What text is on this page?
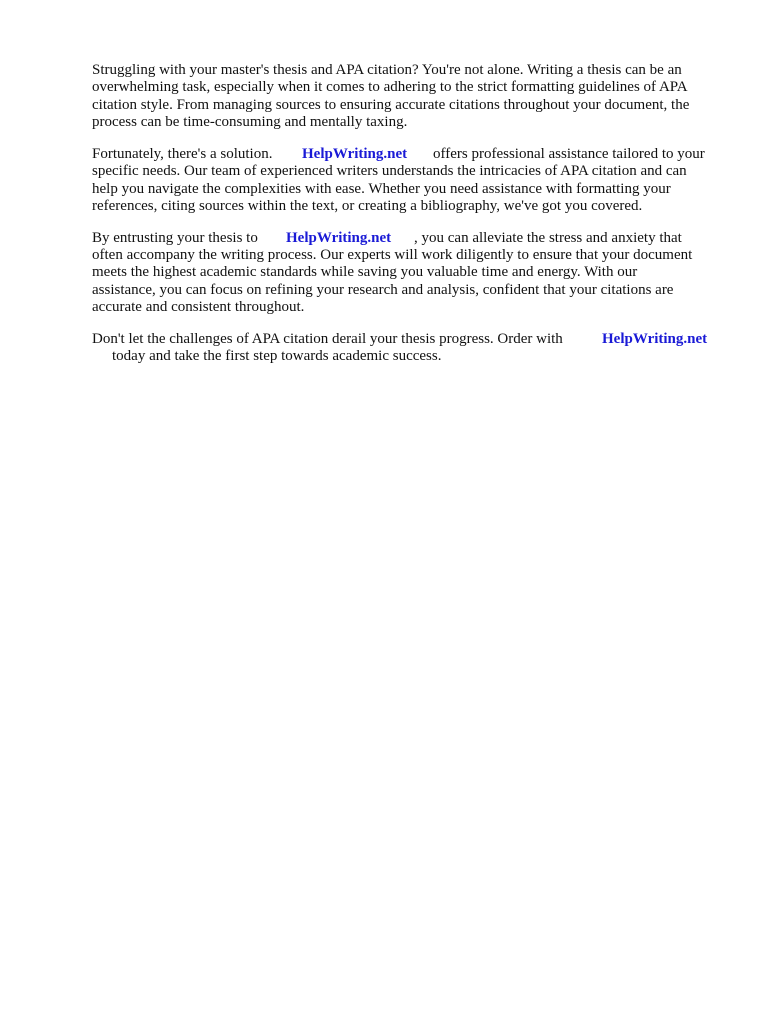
Struggling with your master's thesis and APA citation? You're not alone. Writing a thesis can be an

overwhelming task, especially when it comes to adhering to the strict formatting guidelines of APA

citation style. From managing sources to ensuring accurate citations throughout your document, the

process can be time-consuming and mentally taxing.

Fortunately, there's a solution. HelpWriting.net offers professional assistance tailored to your

specific needs. Our team of experienced writers understands the intricacies of APA citation and can

help you navigate the complexities with ease. Whether you need assistance with formatting your

references, citing sources within the text, or creating a bibliography, we've got you covered.

By entrusting your thesis to HelpWriting.net , you can alleviate the stress and anxiety that

often accompany the writing process. Our experts will work diligently to ensure that your document

meets the highest academic standards while saving you valuable time and energy. With our

assistance, you can focus on refining your research and analysis, confident that your citations are

accurate and consistent throughout.

Don't let the challenges of APA citation derail your thesis progress. Order with	HelpWriting.net

today and take the first step towards academic success.
